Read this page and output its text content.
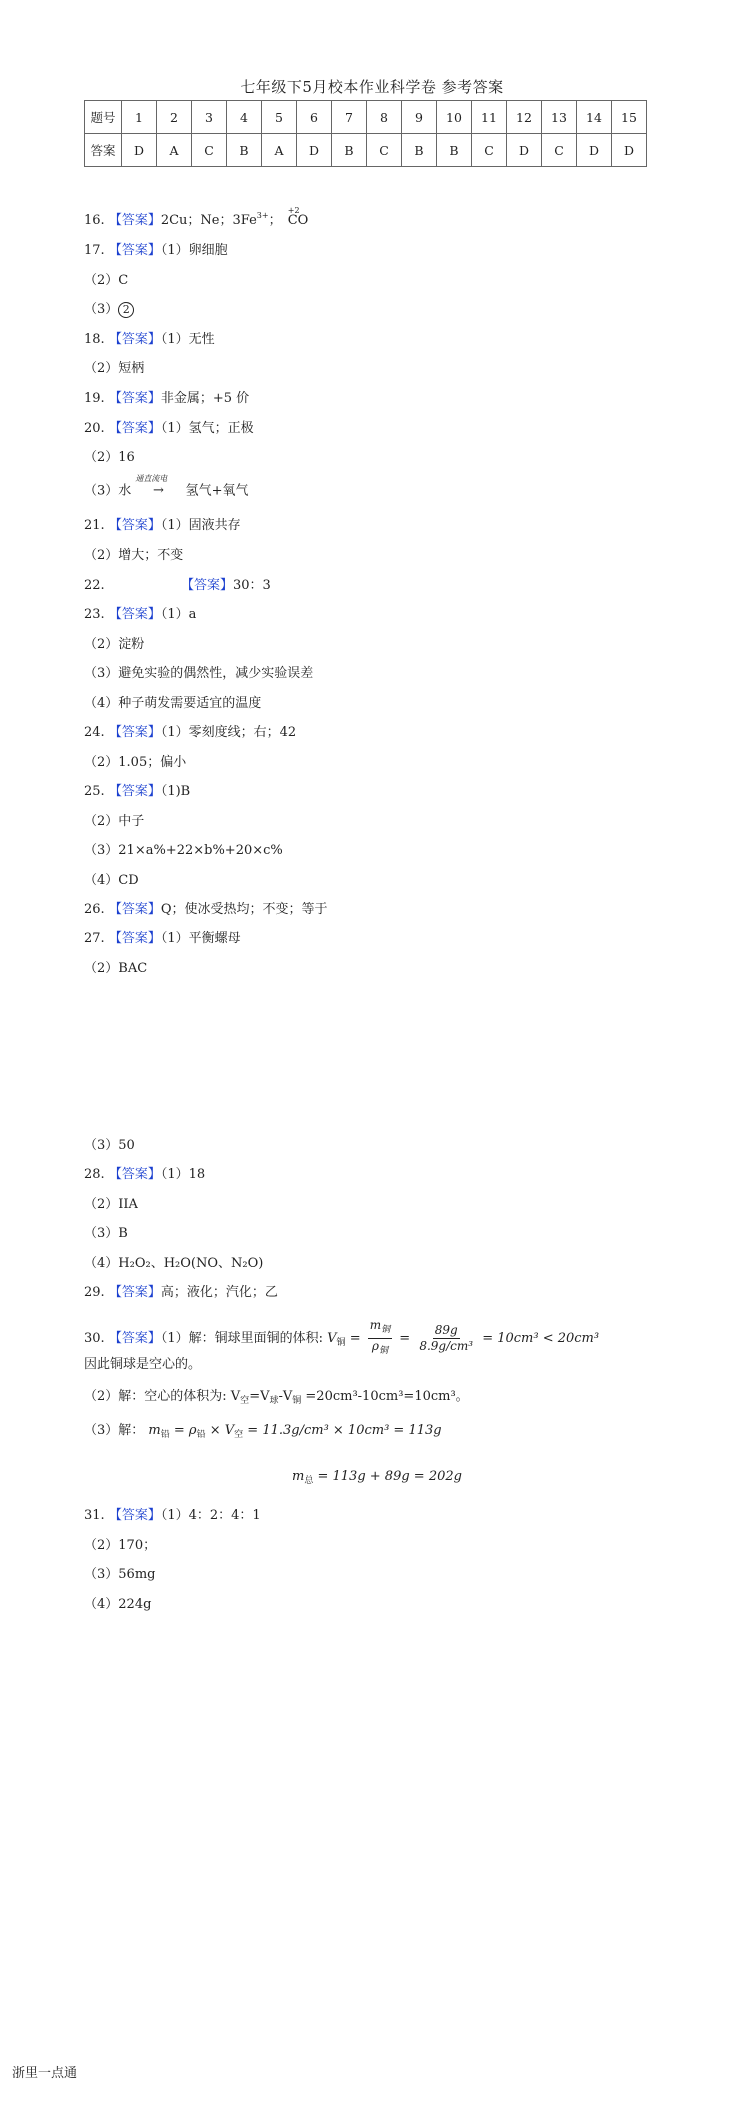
七年级下5月校本作业科学卷 参考答案
题号	1	2	3	4	5	6	7	8	9	10	11	12	13	14	15
答案	D	A	C	B	A	D	B	C	B	B	C	D	C	D	D
16. 【答案】2Cu；Ne；$3Fe^{3+}$；
+2
CO
17. 【答案】（1）卵细胞
（2）C
（3） 2
18. 【答案】（1）无性
（2）短柄
19. 【答案】非金属；+5 价
20. 【答案】（1）氢气；正极
（2）16
（3）水
通直流电
→ 氢气+氧气
21. 【答案】（1）固液共存
（2）增大；不变
22.	【答案】30：3
23. 【答案】（1）a
（2）淀粉
（3）避免实验的偶然性，减少实验误差
（4）种子萌发需要适宜的温度
24. 【答案】（1）零刻度线；右；42
（2）1.05；偏小
25. 【答案】（1)B
（2）中子
（3）21×a%+22×b%+20×c%
（4）CD
26. 【答案】Q；使冰受热均；不变；等于
27. 【答案】（1）平衡螺母
（2）BAC
（3）50
28. 【答案】（1）18
（2）IIA
（3）B
（4）H₂O₂、H₂O(NO、N₂O)
29. 【答案】高；液化；汽化；乙
30. 【答案】（1）解：铜球里面铜的体积: $V_铜 = \frac{m_铜}{\rho_铜} = \frac{89g}{\text{8.9g/cm³}} = 10cm^3 < 20cm^3$
因此铜球是空心的。
（2）解：空心的体积为: $V_空=V_球-V_铜 =20cm^3-10cm^3=10cm^3$。
（3）解： $m_铅 = \rho_铅 \times V_空 = 11.3g/cm^3 \times 10cm^3 = 113g$
$m_总 = 113g + 89g = 202g$
31. 【答案】（1）4：2：4：1
（2）170；
（3）56mg
（4）224g
浙里一点通
